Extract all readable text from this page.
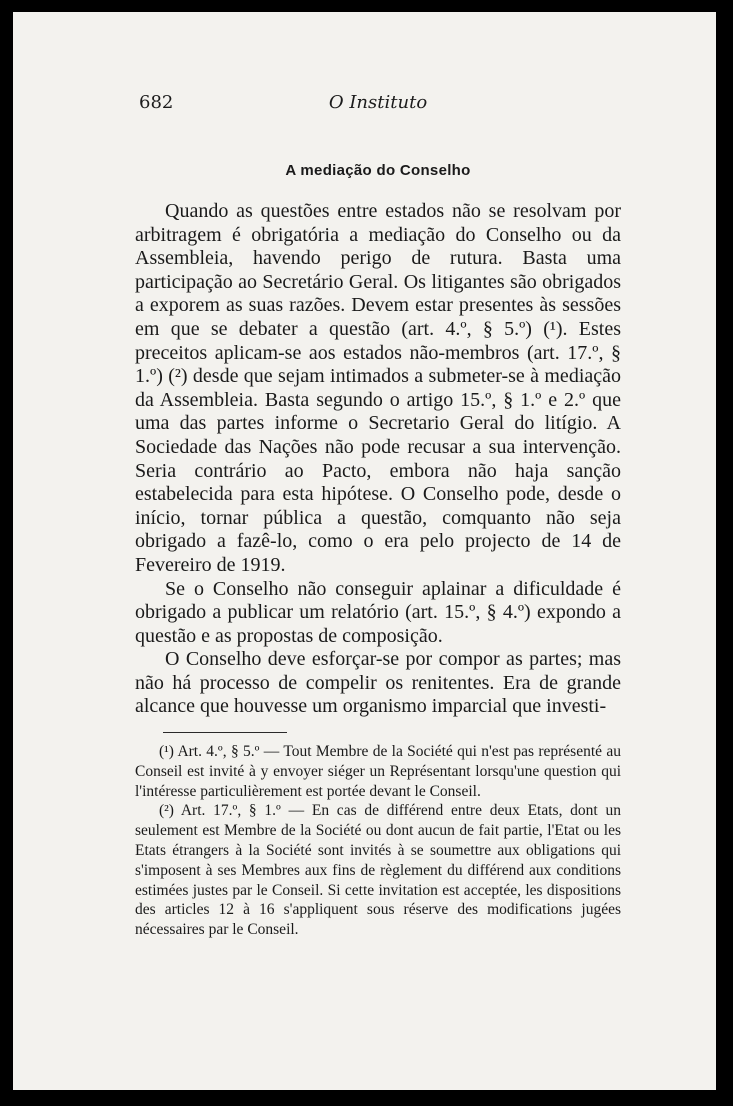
682	O Instituto
A mediação do Conselho

Quando as questões entre estados não se resolvam por arbitragem é obrigatória a mediação do Conselho ou da Assembleia, havendo perigo de rutura. Basta uma participação ao Secretário Geral. Os litigantes são obrigados a exporem as suas razões. Devem estar presentes às sessões em que se debater a questão (art. 4.º, § 5.º) (¹). Estes preceitos aplicam-se aos estados não-membros (art. 17.º, § 1.º) (²) desde que sejam intimados a submeter-se à mediação da Assembleia. Basta segundo o artigo 15.º, § 1.º e 2.º que uma das partes informe o Secretario Geral do litígio. A Sociedade das Nações não pode recusar a sua intervenção. Seria contrário ao Pacto, embora não haja sanção estabelecida para esta hipótese. O Conselho pode, desde o início, tornar pública a questão, comquanto não seja obrigado a fazê-lo, como o era pelo projecto de 14 de Fevereiro de 1919.

Se o Conselho não conseguir aplainar a dificuldade é obrigado a publicar um relatório (art. 15.º, § 4.º) expondo a questão e as propostas de composição.

O Conselho deve esforçar-se por compor as partes; mas não há processo de compelir os renitentes. Era de grande alcance que houvesse um organismo imparcial que investi-

(¹) Art. 4.º, § 5.º — Tout Membre de la Société qui n'est pas représenté au Conseil est invité à y envoyer siéger un Représentant lorsqu'une question qui l'intéresse particulièrement est portée devant le Conseil.

(²) Art. 17.º, § 1.º — En cas de différend entre deux Etats, dont un seulement est Membre de la Société ou dont aucun de fait partie, l'Etat ou les Etats étrangers à la Société sont invités à se soumettre aux obligations qui s'imposent à ses Membres aux fins de règlement du différend aux conditions estimées justes par le Conseil. Si cette invitation est acceptée, les dispositions des articles 12 à 16 s'appliquent sous réserve des modifications jugées nécessaires par le Conseil.
